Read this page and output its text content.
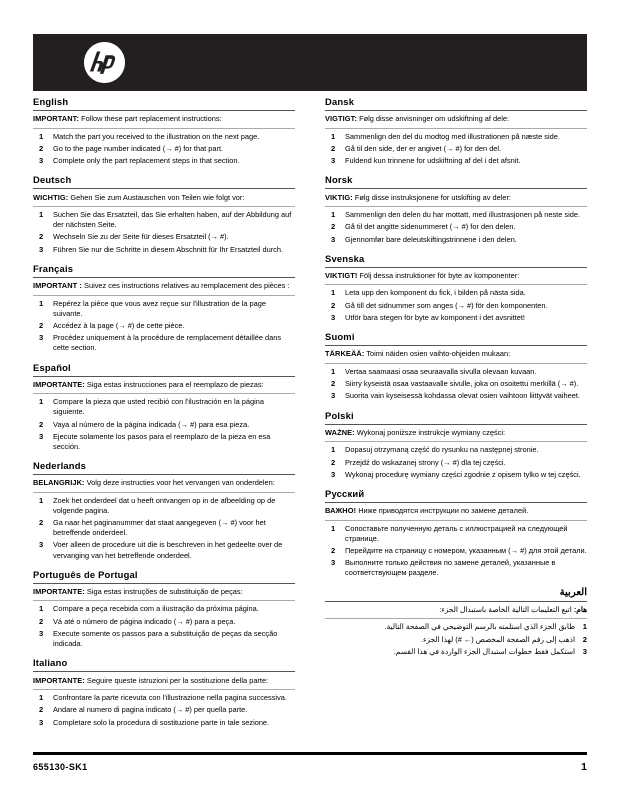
English
IMPORTANT: Follow these part replacement instructions:
1 Match the part you received to the illustration on the next page.
2 Go to the page number indicated (→ #) for that part.
3 Complete only the part replacement steps in that section.
Deutsch
WICHTIG: Gehen Sie zum Austauschen von Teilen wie folgt vor:
1 Suchen Sie das Ersatzteil, das Sie erhalten haben, auf der Abbildung auf der nächsten Seite.
2 Wechseln Sie zu der Seite für dieses Ersatzteil (→ #).
3 Führen Sie nur die Schritte in diesem Abschnitt für Ihr Ersatzteil durch.
Français
IMPORTANT : Suivez ces instructions relatives au remplacement des pièces :
1 Repérez la pièce que vous avez reçue sur l'illustration de la page suivante.
2 Accédez à la page (→ #) de cette pièce.
3 Procédez uniquement à la procédure de remplacement détaillée dans cette section.
Español
IMPORTANTE: Siga estas instrucciones para el reemplazo de piezas:
1 Compare la pieza que usted recibió con l'ilustración en la página siguiente.
2 Vaya al número de la página indicada (→ #) para esa pieza.
3 Ejecute solamente los pasos para el reemplazo de la pieza en esa sección.
Nederlands
BELANGRIJK: Volg deze instructies voor het vervangen van onderdelen:
1 Zoek het onderdeel dat u heeft ontvangen op in de afbeelding op de volgende pagina.
2 Ga naar het paginanummer dat staat aangegeven (→ #) voor het betreffende onderdeel.
3 Voer alleen de procedure uit die is beschreven in het gedeelte over de vervanging van het betreffende onderdeel.
Português de Portugal
IMPORTANTE: Siga estas instruções de substituição de peças:
1 Compare a peça recebida com a ilustração da próxima página.
2 Vá até o número de página indicado (→ #) para a peça.
3 Execute somente os passos para a substituição de peças da secção indicada.
Italiano
IMPORTANTE: Seguire queste istruzioni per la sostituzione della parte:
1 Confrontare la parte ricevuta con l'illustrazione nella pagina successiva.
2 Andare al numero di pagina indicato (→ #) per quella parte.
3 Completare solo la procedura di sostituzione parte in tale sezione.
Dansk
VIGTIGT: Følg disse anvisninger om udskiftning af dele:
1 Sammenlign den del du modtog med illustrationen på næste side.
2 Gå til den side, der er angivet (→ #) for den del.
3 Fuldend kun trinnene for udskiftning af del i det afsnit.
Norsk
VIKTIG: Følg disse instruksjonene for utskifting av deler:
1 Sammenlign den delen du har mottatt, med illustrasjonen på neste side.
2 Gå til det angitte sidenummeret (→ #) for den delen.
3 Gjennomfør bare deleutskiftingstrinnene i den delen.
Svenska
VIKTIGT! Följ dessa instruktioner för byte av komponenter:
1 Leta upp den komponent du fick, i bilden på nästa sida.
2 Gå till det sidnummer som anges (→ #) för den komponenten.
3 Utför bara stegen för byte av komponent i det avsnittet!
Suomi
TÄRKEÄÄ: Toimi näiden osien vaihto-ohjeiden mukaan:
1 Vertaa saamaasi osaa seuraavalla sivulla olevaan kuvaan.
2 Siirry kyseistä osaa vastaavalle sivulle, joka on osoitettu merkillä (→ #).
3 Suorita vain kyseisessä kohdassa olevat osien vaihtoon liittyvät vaiheet.
Polski
WAŻNE: Wykonaj poniższe instrukcje wymiany części:
1 Dopasuj otrzymaną część do rysunku na następnej stronie.
2 Przejdź do wskazanej strony (→ #) dla tej części.
3 Wykonaj procedurę wymiany części zgodnie z opisem tylko w tej części.
Русский
ВАЖНО! Ниже приводятся инструкции по замене деталей.
1 Сопоставьте полученную деталь с иллюстрацией на следующей странице.
2 Перейдите на страницу с номером, указанным (→ #) для этой детали.
3 Выполните только действия по замене деталей, указанные в соответствующем разделе.
العربية
هام: اتبع التعليمات التالية الخاصة باستبدال الجزء:
1
طابق الجزء الذي استلمته بالرسم التوضيحي في الصفحة التالية.
2
اذهب إلى رقم الصفحة المخصص (← #) لهذا الجزء.
3
استكمل فقط خطوات استبدال الجزء الواردة في هذا القسم.
655130-SK1	1
